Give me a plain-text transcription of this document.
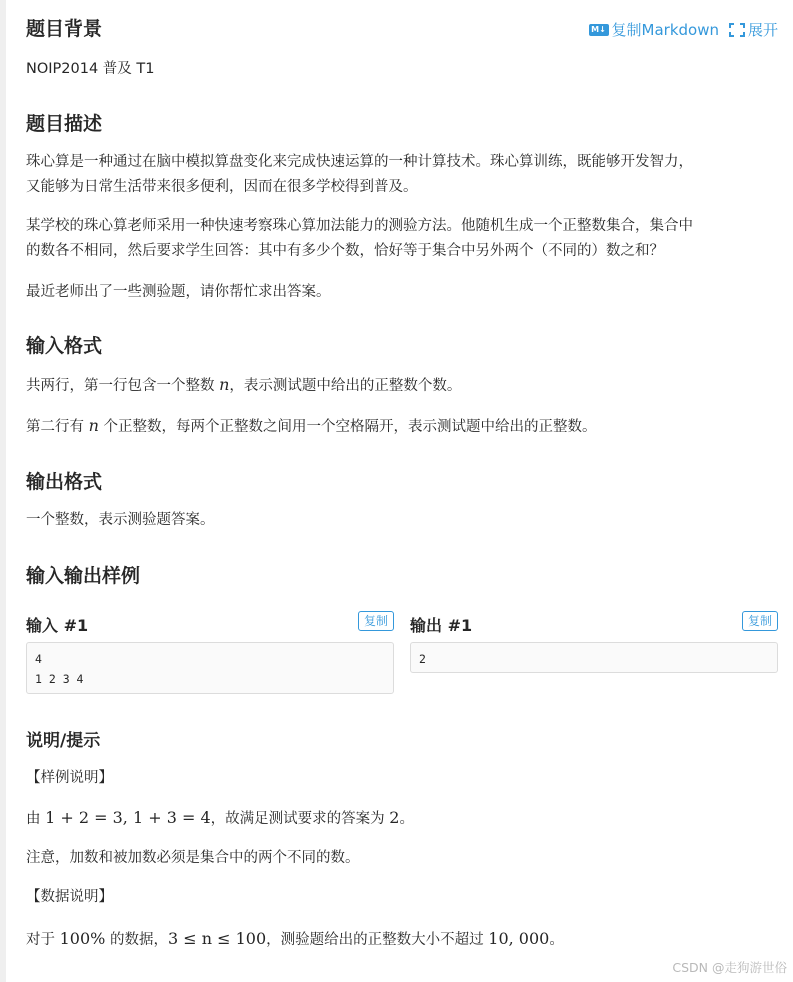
题目背景	M↓ 复制Markdown 展开

NOIP2014 普及 T1

题目描述

珠心算是一种通过在脑中模拟算盘变化来完成快速运算的一种计算技术。珠心算训练，既能够开发智力，

又能够为日常生活带来很多便利，因而在很多学校得到普及。

某学校的珠心算老师采用一种快速考察珠心算加法能力的测验方法。他随机生成一个正整数集合，集合中

的数各不相同，然后要求学生回答：其中有多少个数，恰好等于集合中另外两个（不同的）数之和？

最近老师出了一些测验题，请你帮忙求出答案。

输入格式

共两行，第一行包含一个整数 n，表示测试题中给出的正整数个数。

第二行有 n 个正整数，每两个正整数之间用一个空格隔开，表示测试题中给出的正整数。

输出格式

一个整数，表示测验题答案。

输入输出样例
输入 #1	复制	输出 #1	复制
4
1 2 3 4
2
说明/提示

【样例说明】

由 1 + 2 = 3, 1 + 3 = 4，故满足测试要求的答案为 2。

注意，加数和被加数必须是集合中的两个不同的数。

【数据说明】

对于 100% 的数据，3 ≤ n ≤ 100，测验题给出的正整数大小不超过 10, 000。

CSDN @走狗游世俗
